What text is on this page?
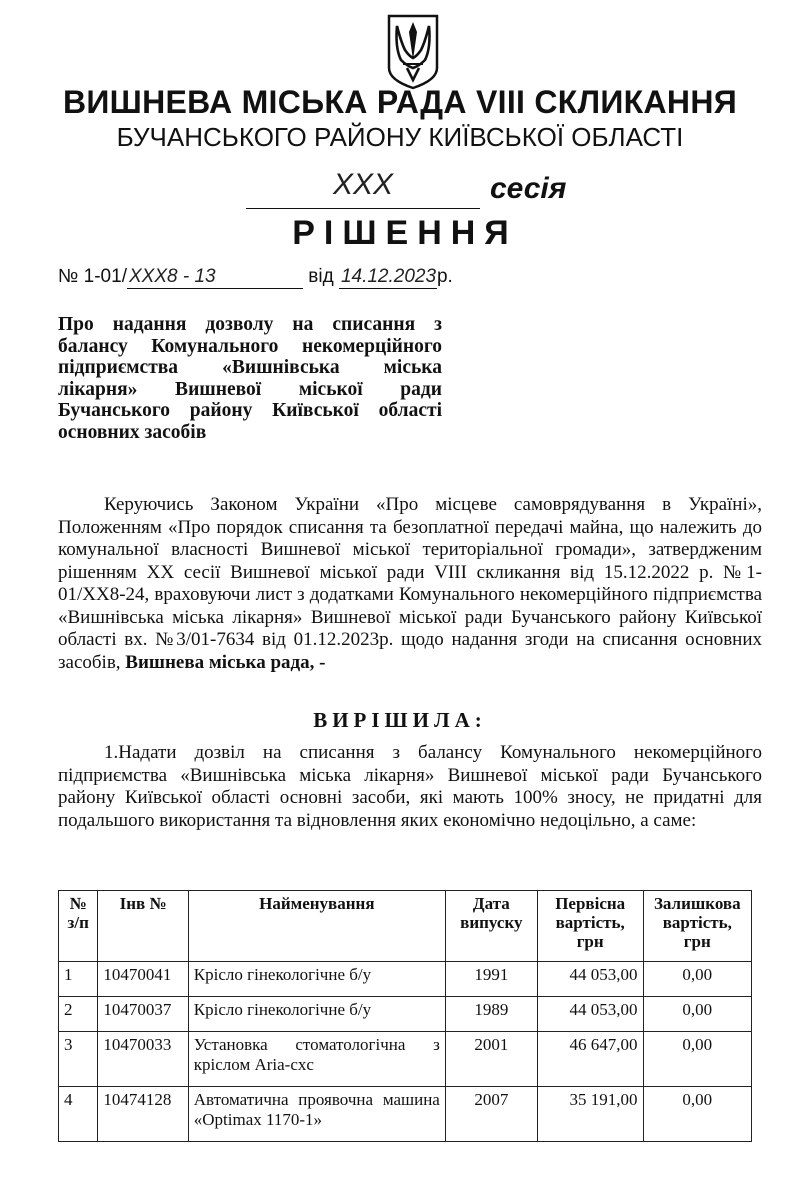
ВИШНЕВА МІСЬКА РАДА VIII СКЛИКАННЯ
БУЧАНСЬКОГО РАЙОНУ КИЇВСЬКОЇ ОБЛАСТІ
XXX	сесія
РІШЕННЯ
№ 1-01/ XXX8 - 13	від 14.12.2023р.
Про надання дозволу на списання з балансу Комунального некомерційного підприємства «Вишнівська міська лікарня» Вишневої міської ради Бучанського району Київської області основних засобів
Керуючись Законом України «Про місцеве самоврядування в Україні», Положенням «Про порядок списання та безоплатної передачі майна, що належить до комунальної власності Вишневої міської територіальної громади», затвердженим рішенням XX сесії Вишневої міської ради VIII скликання від 15.12.2022 р. №1-01/XX8-24, враховуючи лист з додатками Комунального некомерційного підприємства «Вишнівська міська лікарня» Вишневої міської ради Бучанського району Київської області вх. №3/01-7634 від 01.12.2023р. щодо надання згоди на списання основних засобів, Вишнева міська рада, -
ВИРІШИЛА:
1.Надати дозвіл на списання з балансу Комунального некомерційного підприємства «Вишнівська міська лікарня» Вишневої міської ради Бучанського району Київської області основні засоби, які мають 100% зносу, не придатні для подальшого використання та відновлення яких економічно недоцільно, а саме:
№ з/п	Інв №	Найменування	Дата випуску	Первісна вартість, грн	Залишкова вартість, грн
1	10470041	Крісло гінекологічне б/у	1991	44 053,00	0,00
2	10470037	Крісло гінекологічне б/у	1989	44 053,00	0,00
3	10470033	Установка стоматологічна з кріслом Aria-cxc	2001	46 647,00	0,00
4	10474128	Автоматична проявочна машина «Optimax 1170-1»	2007	35 191,00	0,00
